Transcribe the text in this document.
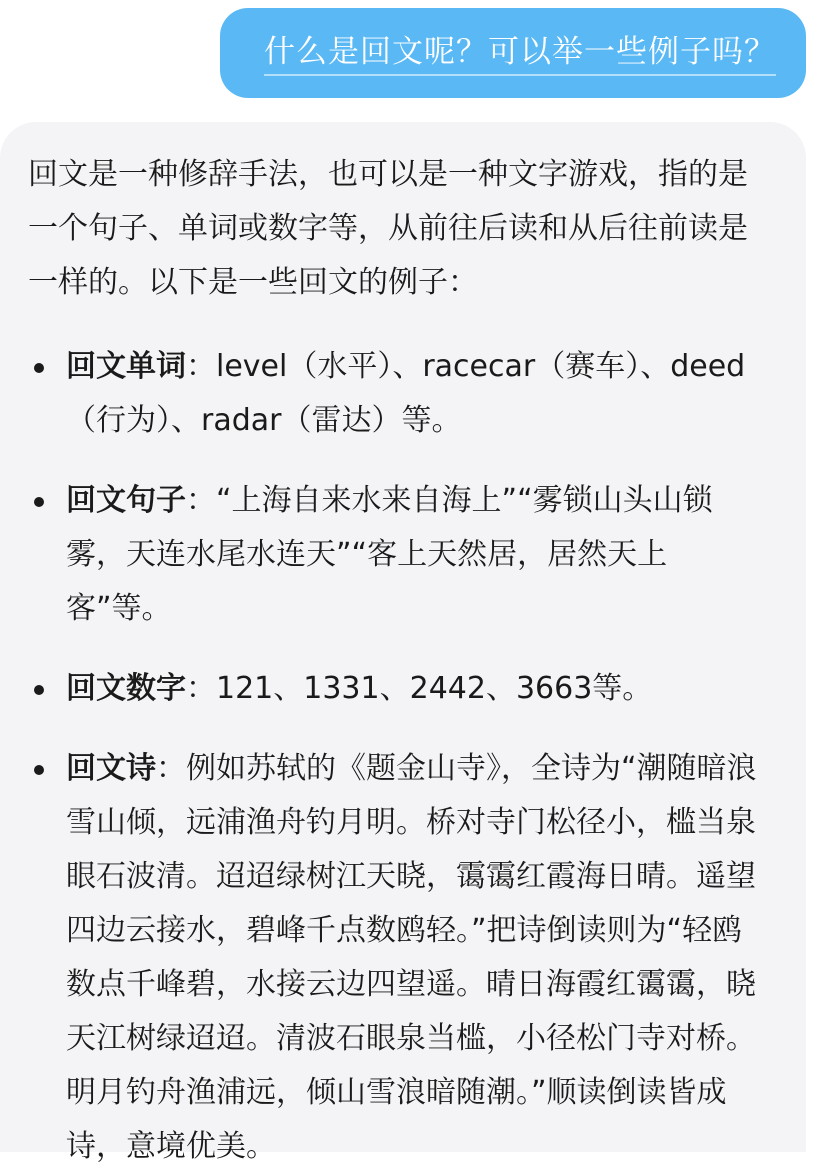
什么是回文呢？可以举一些例子吗？

回文是一种修辞手法，也可以是一种文字游戏，指的是一个句子、单词或数字等，从前往后读和从后往前读是一样的。以下是一些回文的例子：

回文单词：level（水平）、racecar（赛车）、deed（行为）、radar（雷达）等。
回文句子：“上海自来水来自海上”“雾锁山头山锁雾，天连水尾水连天”“客上天然居，居然天上客”等。
回文数字：121、1331、2442、3663等。
回文诗：例如苏轼的《题金山寺》，全诗为“潮随暗浪雪山倾，远浦渔舟钓月明。桥对寺门松径小，槛当泉眼石波清。迢迢绿树江天晓，霭霭红霞海日晴。遥望四边云接水，碧峰千点数鸥轻。”把诗倒读则为“轻鸥数点千峰碧，水接云边四望遥。晴日海霞红霭霭，晓天江树绿迢迢。清波石眼泉当槛，小径松门寺对桥。明月钓舟渔浦远，倾山雪浪暗随潮。”顺读倒读皆成诗，意境优美。
